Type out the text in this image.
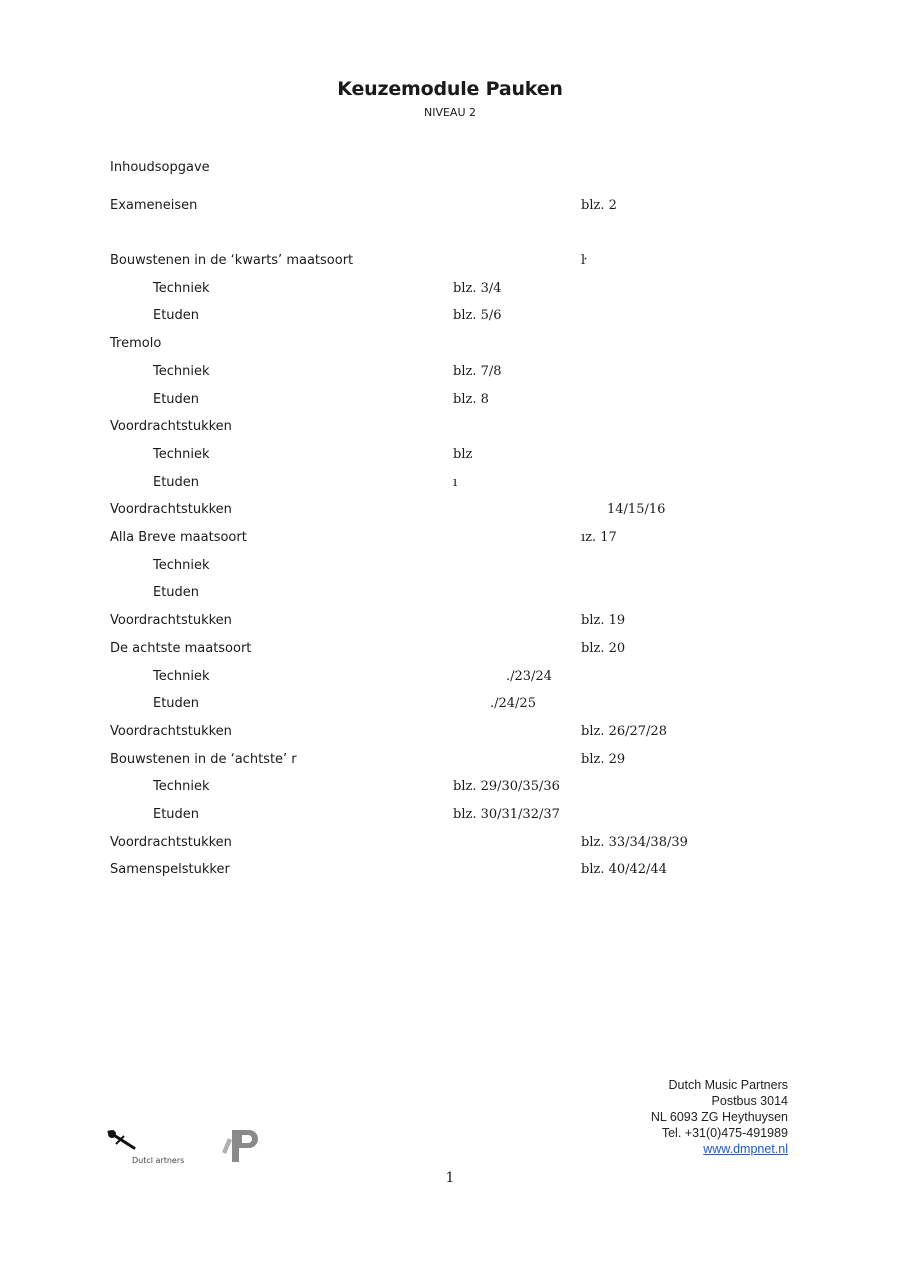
Keuzemodule Pauken
NIVEAU 2
Inhoudsopgave
Exameneisen	blz. 2
Bouwstenen in de ‘kwarts’ maatsoort	ŀ
Techniek	blz. 3/4
Etuden	blz. 5/6
Tremolo
Techniek	blz. 7/8
Etuden	blz. 8
Voordrachtstukken
Techniek	blz
Etuden	ı
Voordrachtstukken	14/15/16
Alla Breve maatsoort	ız. 17
Techniek
Etuden
Voordrachtstukken	blz. 19
De achtste maatsoort	blz. 20
Techniek	./23/24
Etuden	./24/25
Voordrachtstukken	blz. 26/27/28
Bouwstenen in de ‘achtste’ r	blz. 29
Techniek	blz. 29/30/35/36
Etuden	blz. 30/31/32/37
Voordrachtstukken	blz. 33/34/38/39
Samenspelstukker	blz. 40/42/44
Dutcl artners
Dutch Music Partners
Postbus 3014
NL 6093 ZG Heythuysen
Tel. +31(0)475-491989
www.dmpnet.nl
1
